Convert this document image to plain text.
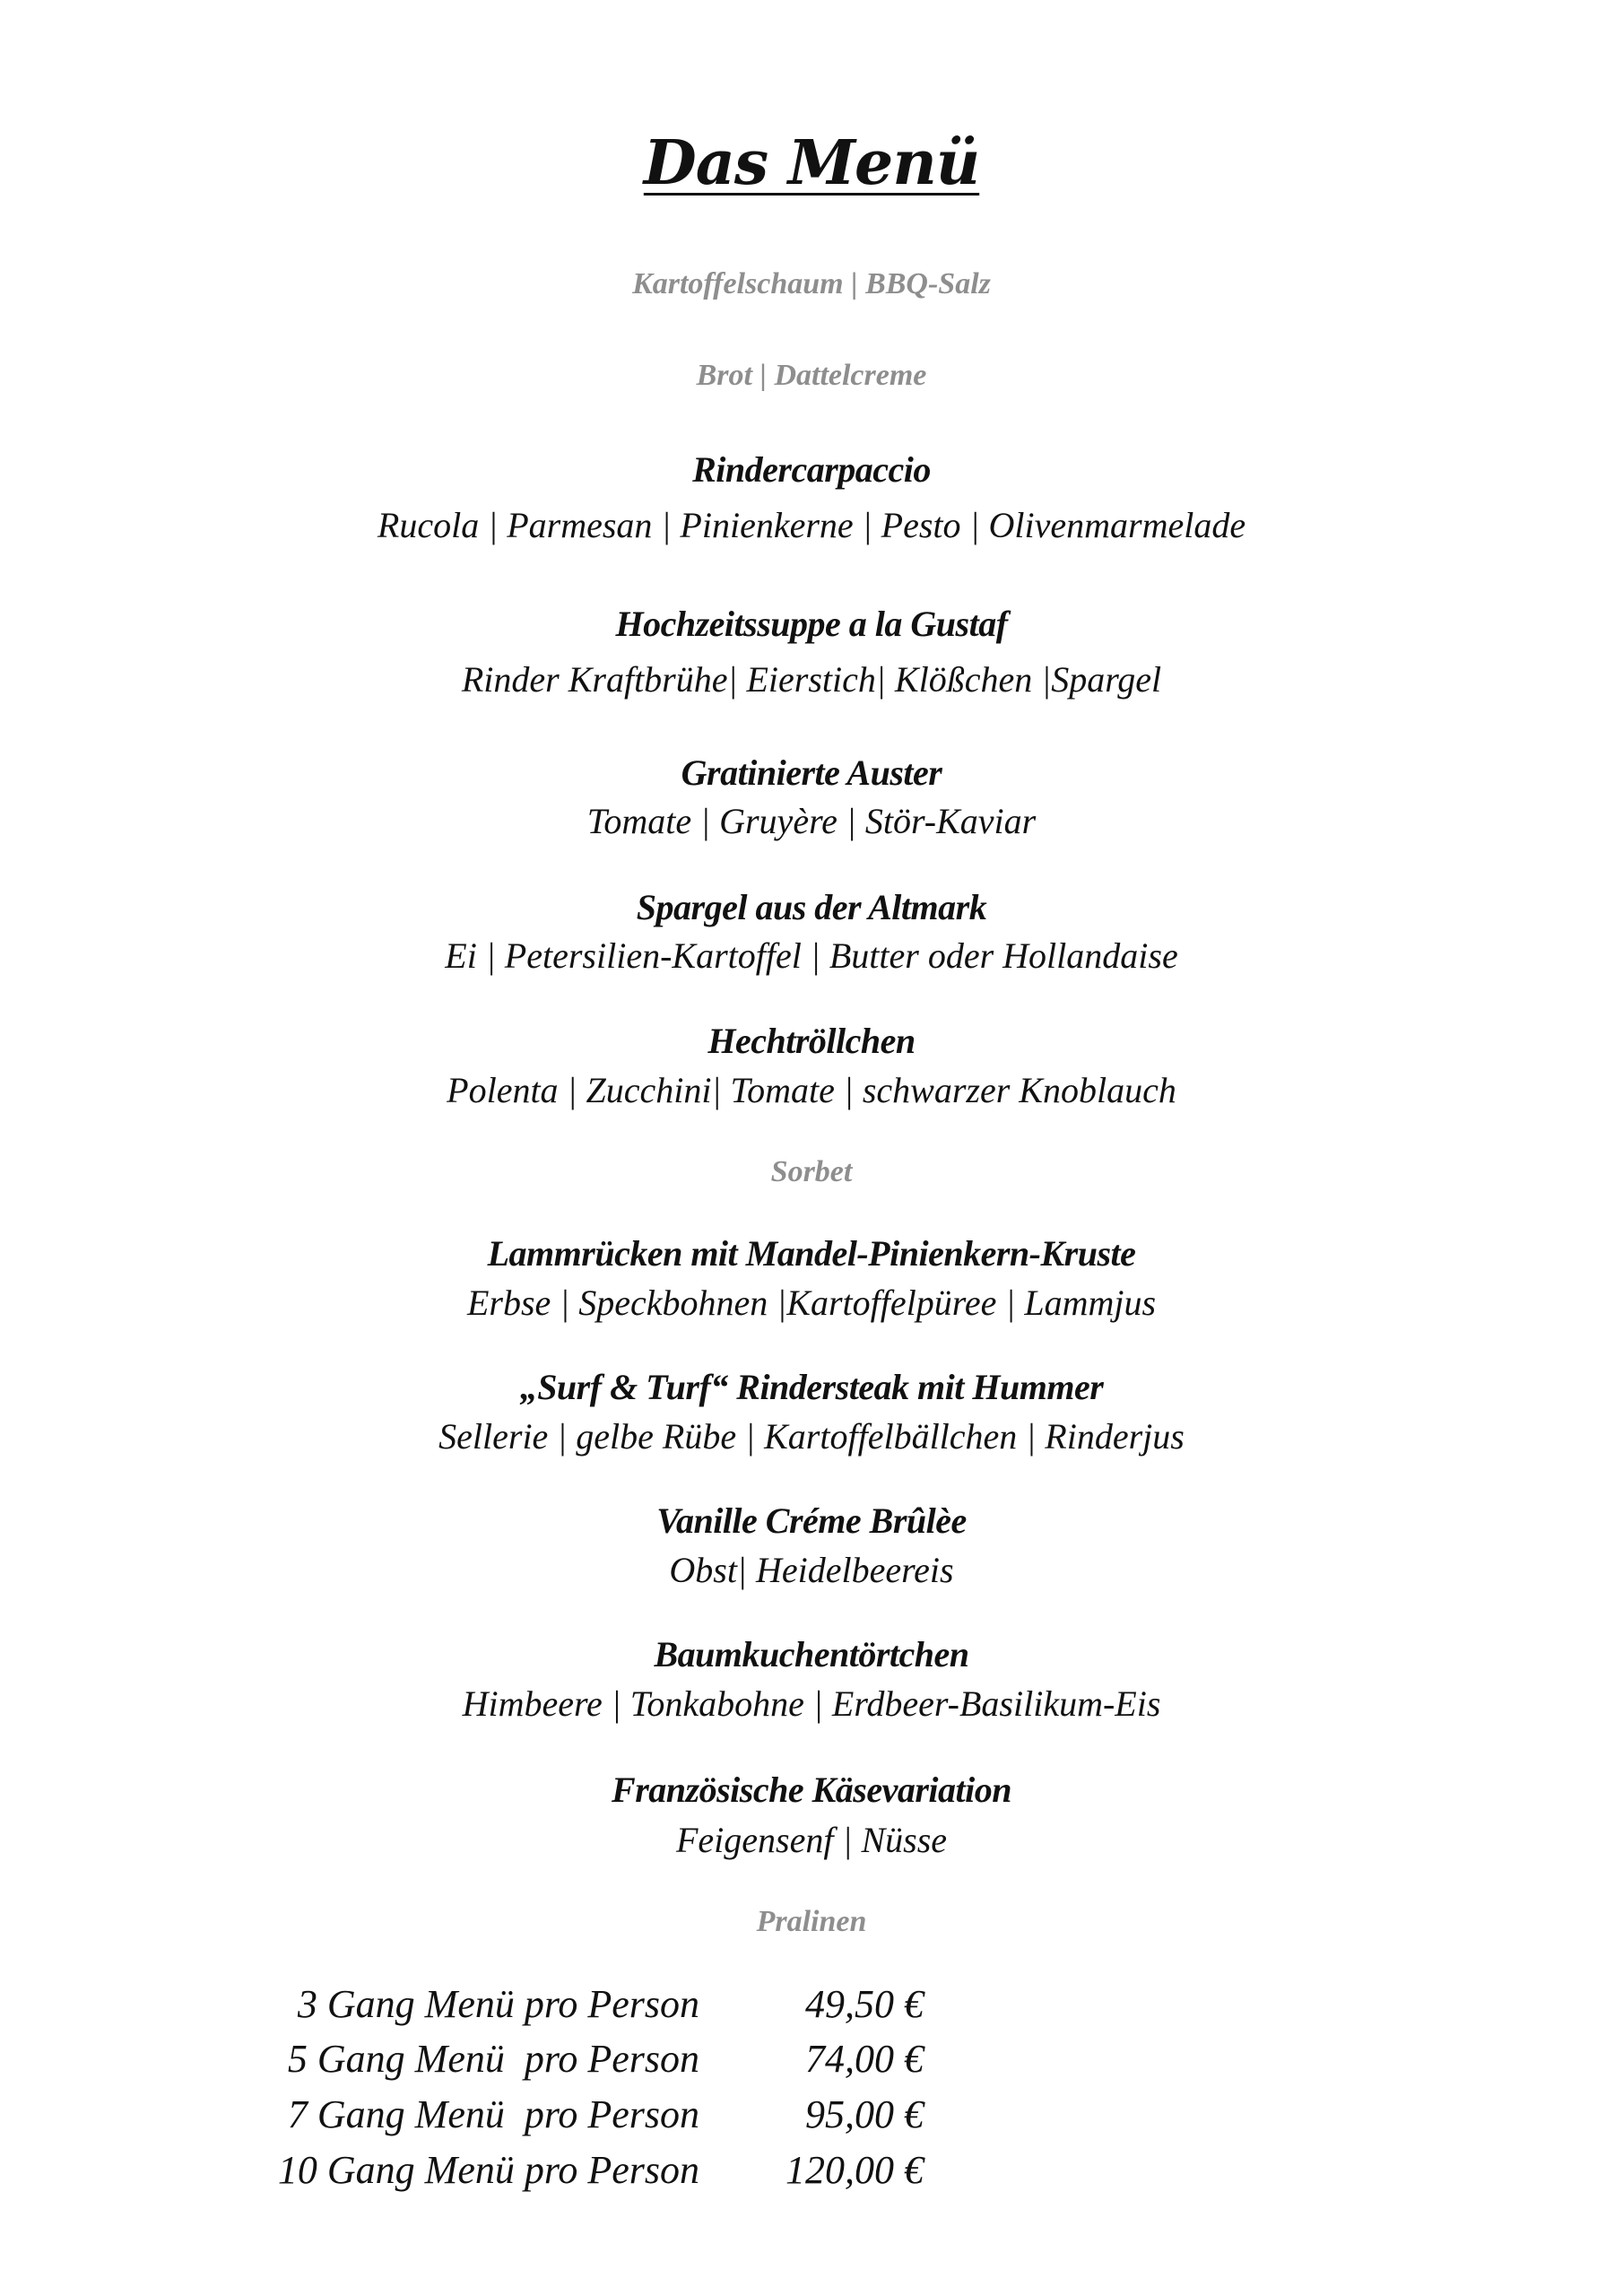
Das Menü
Kartoffelschaum | BBQ-Salz
Brot | Dattelcreme
Rindercarpaccio
Rucola | Parmesan | Pinienkerne | Pesto | Olivenmarmelade
Hochzeitssuppe a la Gustaf
Rinder Kraftbrühe| Eierstich| Klößchen |Spargel
Gratinierte Auster
Tomate | Gruyère | Stör-Kaviar
Spargel aus der Altmark
Ei | Petersilien-Kartoffel | Butter oder Hollandaise
Hechtröllchen
Polenta | Zucchini| Tomate | schwarzer Knoblauch
Sorbet
Lammrücken mit Mandel-Pinienkern-Kruste
Erbse | Speckbohnen |Kartoffelpüree | Lammjus
„Surf & Turf“ Rindersteak mit Hummer
Sellerie | gelbe Rübe | Kartoffelbällchen | Rinderjus
Vanille Créme Brûlèe
Obst| Heidelbeereis
Baumkuchentörtchen
Himbeere | Tonkabohne | Erdbeer-Basilikum-Eis
Französische Käsevariation
Feigensenf | Nüsse
Pralinen
3 Gang Menü pro Person	49,50 €
5 Gang Menü  pro Person	74,00 €
7 Gang Menü  pro Person	95,00 €
10 Gang Menü pro Person 120,00 €
